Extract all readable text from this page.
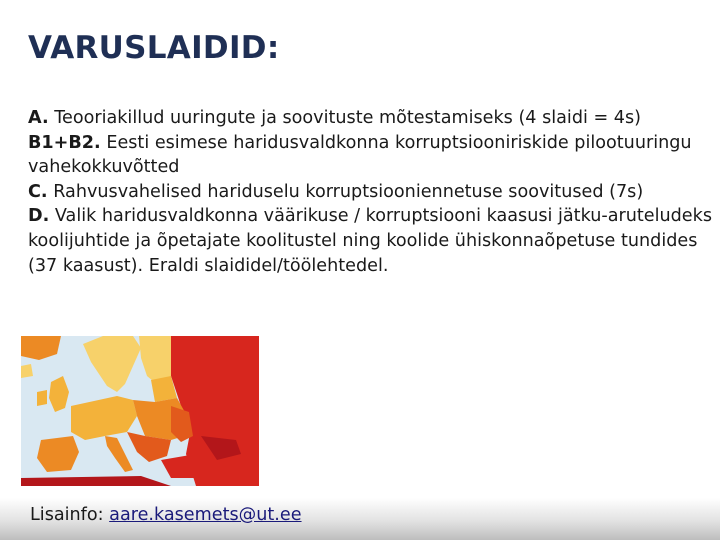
VARUSLAIDID:

A. Teooriakillud uuringute ja soovituste mõtestamiseks (4 slaidi = 4s)

B1+B2. Eesti esimese haridusvaldkonna korruptsiooniriskide pilootuuringu vahekokkuvõtted

C. Rahvusvahelised hariduselu korruptsiooniennetuse soovitused (7s)

D. Valik haridusvaldkonna väärikuse / korruptsiooni kaasusi jätku-aruteludeks koolijuhtide ja õpetajate koolitustel ning koolide ühiskonnaõpetuse tundides (37 kaasust). Eraldi slaididel/töölehtedel.

Lisainfo: aare.kasemets@ut.ee
